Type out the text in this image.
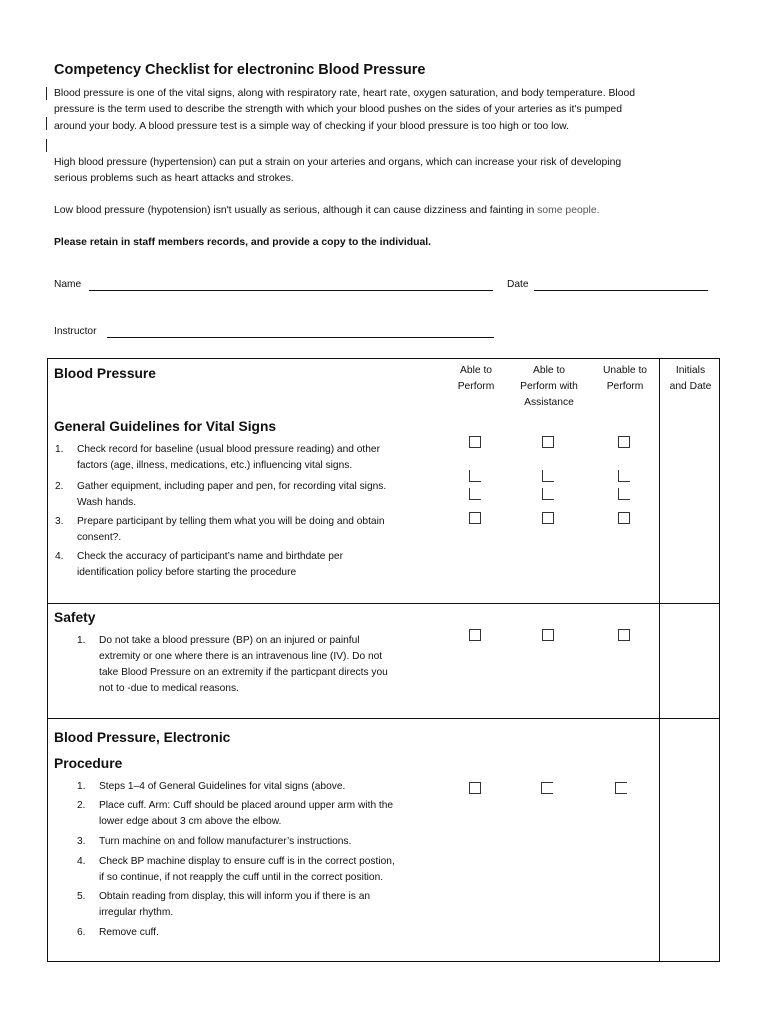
Competency Checklist for electroninc Blood Pressure
Blood pressure is one of the vital signs, along with respiratory rate, heart rate, oxygen saturation, and body temperature. Blood
pressure is the term used to describe the strength with which your blood pushes on the sides of your arteries as it's pumped
around your body. A blood pressure test is a simple way of checking if your blood pressure is too high or too low.
High blood pressure (hypertension) can put a strain on your arteries and organs, which can increase your risk of developing
serious problems such as heart attacks and strokes.
Low blood pressure (hypotension) isn't usually as serious, although it can cause dizziness and fainting in some people.
Please retain in staff members records, and provide a copy to the individual.
Name	Date
Instructor
Able to
Perform
Able to
Perform with
Assistance
Unable to
Perform
Initials
and Date
Blood Pressure
General Guidelines for Vital Signs
1. Check record for baseline (usual blood pressure reading) and other
factors (age, illness, medications, etc.) influencing vital signs.
2. Gather equipment, including paper and pen, for recording vital signs.
Wash hands.
3. Prepare participant by telling them what you will be doing and obtain
consent?.
4. Check the accuracy of participant’s name and birthdate per
identification policy before starting the procedure
Safety
1. Do not take a blood pressure (BP) on an injured or painful
extremity or one where there is an intravenous line (IV). Do not
take Blood Pressure on an extremity if the particpant directs you
not to -due to medical reasons.
Blood Pressure, Electronic
Procedure
1. Steps 1–4 of General Guidelines for vital signs (above.
2. Place cuff. Arm: Cuff should be placed around upper arm with the
lower edge about 3 cm above the elbow.
3. Turn machine on and follow manufacturer’s instructions.
4. Check BP machine display to ensure cuff is in the correct postion,
if so continue, if not reapply the cuff until in the correct position.
5. Obtain reading from display, this will inform you if there is an
irregular rhythm.
6. Remove cuff.
